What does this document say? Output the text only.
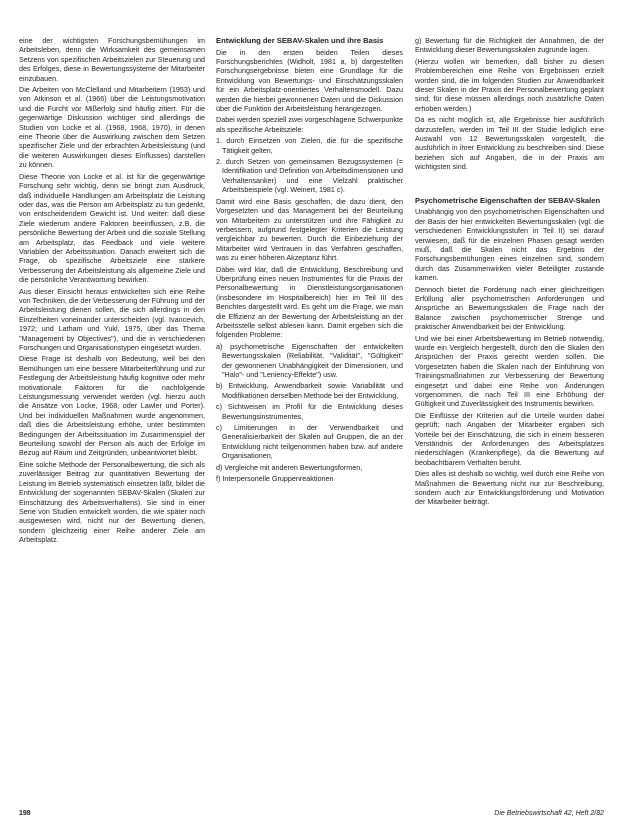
eine der wichtigsten Forschungsbemühungen im Arbeitsleben, denn die Wirksamkeit des gemeinsamen Setzens von spezifischen Arbeitszielen zur Steuerung und des Erfolges, diese in Bewertungssysteme der Mitarbeiter einzubauen.

Die Arbeiten von McClelland und Mitarbeitern (1953) und von Atkinson et al. (1966) über die Leistungsmotivation und die Furcht vor Mißerfolg sind häufig zitiert. Für die gegenwärtige Diskussion wichtiger sind allerdings die Studien von Locke et al. (1968, 1968, 1970), in denen eine Theorie über die Auswirkung zwischen dem Setzen spezifischer Ziele und der erbrachten Arbeitsleistung (und die weiteren Auswirkungen dieses Einflusses) darstellen zu können.

Diese Theorie von Locke et al. ist für die gegenwärtige Forschung sehr wichtig, denn sie bringt zum Ausdruck, daß individuelle Handlungen am Arbeitsplatz die Leistung oder das, was die Person am Arbeitsplatz zu tun gedenkt, von entscheidendem Gewicht ist. Und weiter: daß diese Ziele wiederum andere Faktoren beeinflussen, z.B. die persönliche Bewertung der Arbeit und die soziale Stellung am Arbeitsplatz, das Feedback und viele weitere Variablen der Arbeitssituation. Danach erweitert sich die Frage, ob spezifische Arbeitsziele eine stärkere Verbesserung der Arbeitsleistung als allgemeine Ziele und die persönliche Verantwortung bewirken.

Aus dieser Einsicht heraus entwickelten sich eine Reihe von Techniken, die der Verbesserung der Führung und der Arbeitsleistung dienen sollen, die sich allerdings in den Einzelheiten voneinander unterscheiden (vgl. Ivancevich, 1972; und Latham und Yukl, 1975, über das Thema "Management by Objectives"), und die in verschiedenen Forschungen und Organisationstypen eingesetzt wurden.

Diese Frage ist deshalb von Bedeutung, weil bei den Bemühungen um eine bessere Mitarbeiterführung und zur Festlegung der Arbeitsleistung häufig kognitive oder mehr motivationale Faktoren für die nachfolgende Leistungsmessung verwendet werden (vgl. hierzu auch die Ansätze von Locke, 1968, oder Lawler und Porter). Und bei individuellen Maßnahmen wurde angenommen, daß dies die Arbeitsleistung erhöhe, unter bestimmten Bedingungen der Arbeitssituation im Zusammenspiel der Beurteilung sowohl der Person als auch der Erfolge im Bezug auf Raum und Zeitgründen, unbeantwortet bleibt.

Eine solche Methode der Personalbewertung, die sich als zuverlässiger Beitrag zur quantitativen Bewertung der Leistung im Betrieb systematisch einsetzen läßt, bildet die Entwicklung der sogenannten SEBAV-Skalen (Skalen zur Einschätzung des Arbeitsverhaltens). Sie sind in einer Serie von Studien entwickelt worden, die wie später noch ausgewiesen wird, nicht nur der Bewertung dienen, sondern gleichzeitig einer Reihe anderer Ziele am Arbeitsplatz.

Entwicklung der SEBAV-Skalen und ihre Basis

Die in den ersten beiden Teilen dieses Forschungsberichtes (Widholt, 1981 a, b) dargestellten Forschungsergebnisse bieten eine Grundlage für die Entwicklung von Bewertungs- und Einschätzungsskalen für ein Arbeitsplatz-orientiertes Verhaltensmodell. Dazu werden die hierbei gewonnenen Daten und die Diskussion über die Funktion der Arbeitsleistung herangezogen.

Dabei werden speziell zwei vorgeschlagene Schwerpunkte als spezifische Arbeitsziele:

1. durch Einsetzen von Zielen, die für die spezifische Tätigkeit gelten,

2. durch Setzen von gemeinsamen Bezugssystemen (= Identifikation und Definition von Arbeitsdimensionen und Verhaltensanker) und eine Vielzahl praktischer Arbeitsbeispiele (vgl. Weinert, 1981 c).

Damit wird eine Basis geschaffen, die dazu dient, den Vorgesetzten und das Management bei der Beurteilung von Mitarbeitern zu unterstützen und ihre Fähigkeit zu verbessern, aufgrund festgelegter Kriterien die Leistung vergleichbar zu bewerten. Durch die Einbeziehung der Mitarbeiter wird Vertrauen in das Verfahren geschaffen, was zu einer höheren Akzeptanz führt.

Dabei wird klar, daß die Entwicklung, Beschreibung und Überprüfung eines neuen Instrumentes für die Praxis der Personalbewertung in Dienstleistungsorganisationen (insbesondere im Hospitalbereich) hier im Teil III des Berichtes dargestellt wird. Es geht um die Frage, wie man die Effizienz an der Bewertung der Arbeitsleistung an der Arbeitsstelle selbst ablesen kann. Damit ergeben sich die folgenden Probleme:

a) psychometrische Eigenschaften der entwickelten Bewertungsskalen (Reliabilität, "Validität", "Gültigkeit" der gewonnenen Unabhängigkeit der Dimensionen, und "Halo"- und "Leniency-Effekte") usw.

b) Entwicklung, Anwendbarkeit sowie Variabilität und Modifikationen derselben Methode bei der Entwicklung,

c) Sichtweisen im Profil für die Entwicklung dieses Bewertungsinstrumentes,

c) Limitierungen in der Verwendbarkeit und Generalisierbarkeit der Skalen auf Gruppen, die an der Entwicklung nicht teilgenommen haben bzw. auf andere Organisationen,

d) Vergleiche mit anderen Bewertungsformen,

f) Interpersonelle Gruppenreaktionen

g) Bewertung für die Richtigkeit der Annahmen, die der Entwicklung dieser Bewertungsskalen zugrunde lagen.

(Hierzu wollen wir bemerken, daß bisher zu diesen Problembereichen eine Reihe von Ergebnissen erzielt worden sind, die im folgenden Studien zur Anwendbarkeit dieser Skalen in der Praxis der Personalbewertung geplant sind; für diese müssen allerdings noch zusätzliche Daten erhoben werden.)

Da es nicht möglich ist, alle Ergebnisse hier ausführlich darzustellen, werden im Teil III der Studie lediglich eine Auswahl von 12 Bewertungsskalen vorgestellt, die ausführlich in ihrer Entwicklung zu beschreiben sind. Diese beziehen sich auf Angaben, die in der Praxis am wichtigsten sind.

Psychometrische Eigenschaften der SEBAV-Skalen

Unabhängig von den psychometrischen Eigenschaften und der Basis der hier entwickelten Bewertungsskalen (vgl. die verschiedenen Entwicklungsstufen in Teil II) sei darauf verwiesen, daß für die einzelnen Phasen gesagt werden muß, daß die Skalen nicht das Ergebnis der Forschungsbemühungen eines einzelnen sind, sondern durch das Zusammenwirken vieler Beteiligter zustande kamen.

Dennoch bietet die Forderung nach einer gleichzeitigen Erfüllung aller psychometrischen Anforderungen und Ansprüche an Bewertungsskalen die Frage nach der Balance zwischen psychometrischer Strenge und praktischer Anwendbarkeit bei der Entwicklung.

Und wie bei einer Arbeitsbewertung im Betrieb notwendig, wurde ein Vergleich hergestellt, durch den die Skalen den Ansprüchen der Praxis gerecht werden sollen. Die Vorgesetzten haben die Skalen nach der Einführung von Trainingsmaßnahmen zur Verbesserung der Bewertung eingesetzt und dabei eine Reihe von Änderungen vorgenommen, die nach Teil III eine Erhöhung der Gültigkeit und Zuverlässigkeit des Instruments bewirken.

Die Einflüsse der Kriterien auf die Urteile wurden dabei geprüft; nach Angaben der Mitarbeiter ergaben sich Vorteile bei der Einschätzung, die sich in einem besseren Verständnis der Anforderungen des Arbeitsplatzes niederschlagen (Krankenpflege), da die Bewertung auf beobachtbarem Verhalten beruht.

Dies alles ist deshalb so wichtig, weil durch eine Reihe von Maßnahmen die Bewertung nicht nur zur Beschreibung, sondern auch zur Entwicklungsförderung und Motivation der Mitarbeiter beiträgt.

198	Die Betriebswirtschaft 42, Heft 2/82
